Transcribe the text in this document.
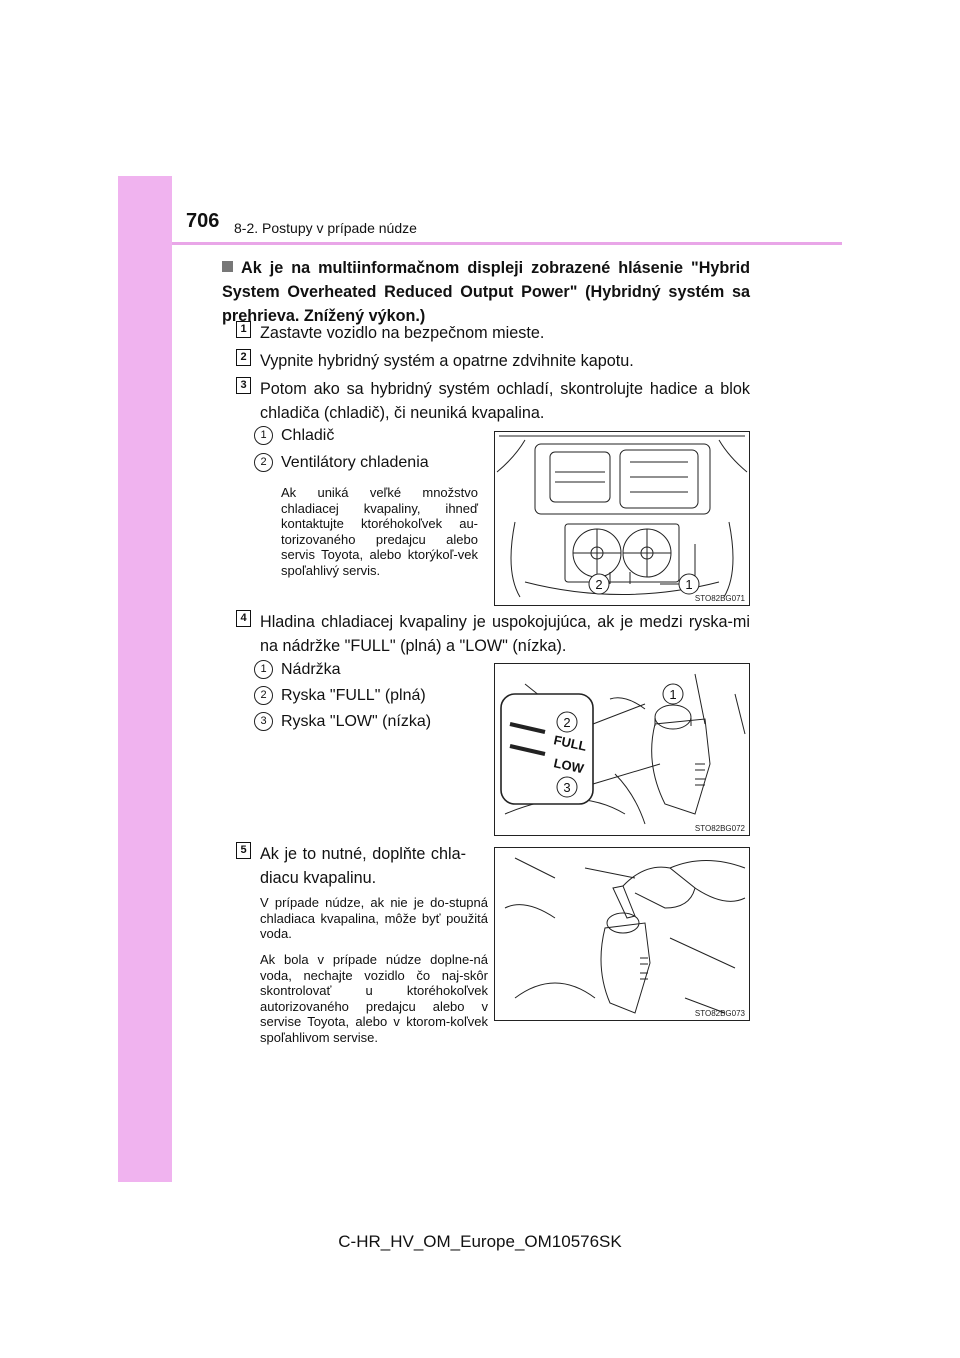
706 8-2. Postupy v prípade núdze
Ak je na multiinformačnom displeji zobrazené hlásenie "Hybrid System Overheated Reduced Output Power" (Hybridný systém sa prehrieva. Znížený výkon.)
1 Zastavte vozidlo na bezpečnom mieste.
2 Vypnite hybridný systém a opatrne zdvihnite kapotu.
3 Potom ako sa hybridný systém ochladí, skontrolujte hadice a blok chladiča (chladič), či neuniká kvapalina.
1 Chladič
2 Ventilátory chladenia
Ak uniká veľké množstvo chladiacej kvapaliny, ihneď kontaktujte ktoréhokoľvek au-torizovaného predajcu alebo servis Toyota, alebo ktorýkoľ-vek spoľahlivý servis.
2	1
STO82BG071
4 Hladina chladiacej kvapaliny je uspokojujúca, ak je medzi ryska-mi na nádržke "FULL" (plná) a "LOW" (nízka).
1 Nádržka
2 Ryska "FULL" (plná)
3 Ryska "LOW" (nízka)
FULL
LOW
1
2
3
STO82BG072
5 Ak je to nutné, doplňte chla-diacu kvapalinu.
V prípade núdze, ak nie je do-stupná chladiaca kvapalina, môže byť použitá voda.
Ak bola v prípade núdze doplne-ná voda, nechajte vozidlo čo naj-skôr skontrolovať u ktoréhokoľvek autorizovaného predajcu alebo v servise Toyota, alebo v ktorom-koľvek spoľahlivom servise.
STO82BG073
C-HR_HV_OM_Europe_OM10576SK
